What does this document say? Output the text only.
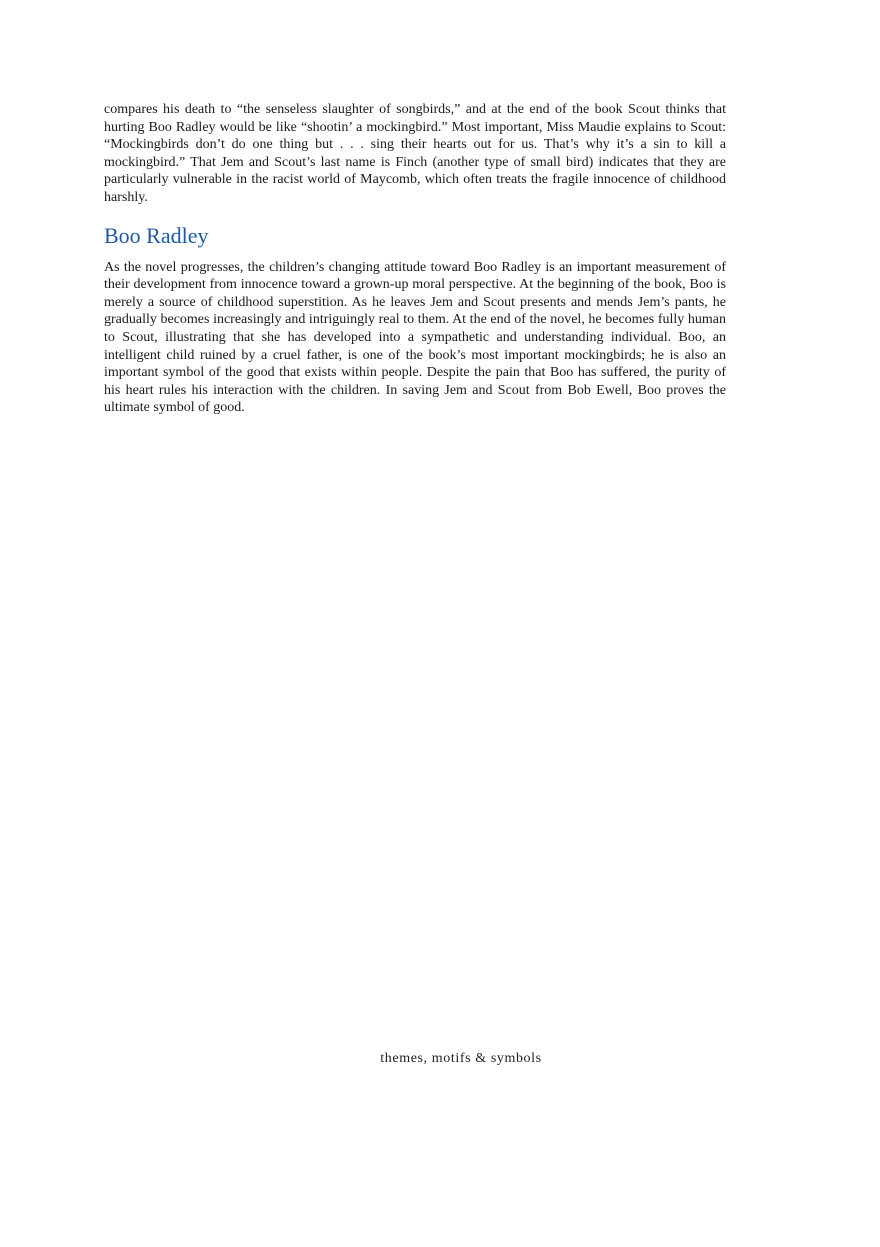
compares his death to “the senseless slaughter of songbirds,” and at the end of the book Scout thinks that hurting Boo Radley would be like “shootin’ a mockingbird.” Most important, Miss Maudie explains to Scout: “Mockingbirds don’t do one thing but . . . sing their hearts out for us. That’s why it’s a sin to kill a mockingbird.” That Jem and Scout’s last name is Finch (another type of small bird) indicates that they are particularly vulnerable in the racist world of Maycomb, which often treats the fragile innocence of childhood harshly.

Boo Radley

As the novel progresses, the children’s changing attitude toward Boo Radley is an important measurement of their development from innocence toward a grown-up moral perspective. At the beginning of the book, Boo is merely a source of childhood superstition. As he leaves Jem and Scout presents and mends Jem’s pants, he gradually becomes increasingly and intriguingly real to them. At the end of the novel, he becomes fully human to Scout, illustrating that she has developed into a sympathetic and understanding individual. Boo, an intelligent child ruined by a cruel father, is one of the book’s most important mockingbirds; he is also an important symbol of the good that exists within people. Despite the pain that Boo has suffered, the purity of his heart rules his interaction with the children. In saving Jem and Scout from Bob Ewell, Boo proves the ultimate symbol of good.

themes, motifs & symbols
